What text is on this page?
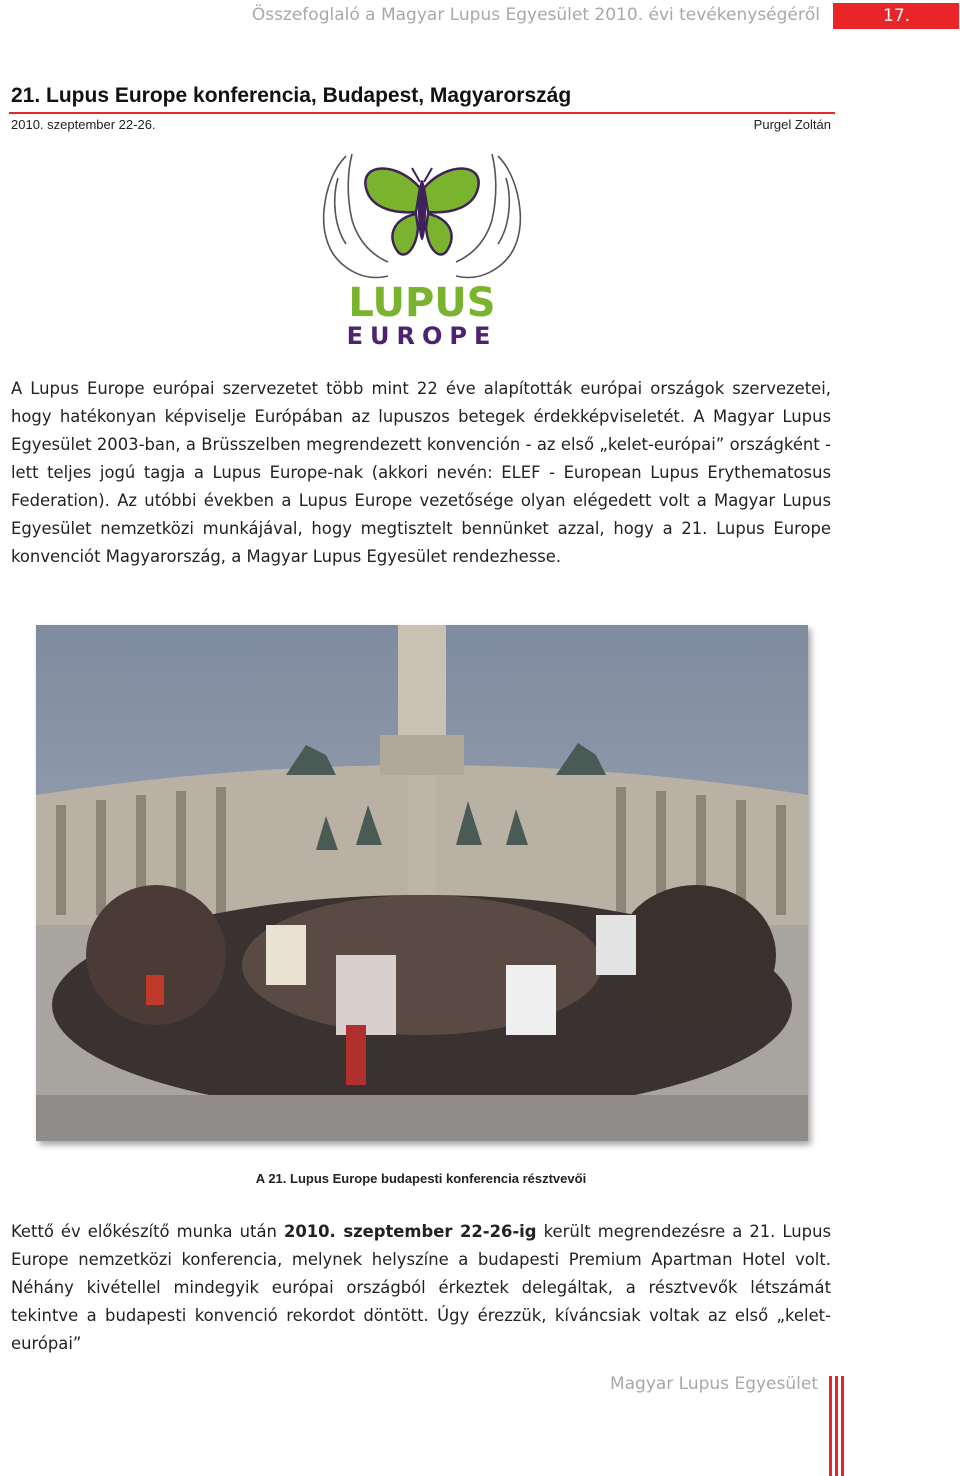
Összefoglaló a Magyar Lupus Egyesület 2010. évi tevékenységéről	17.
21. Lupus Europe konferencia, Budapest, Magyarország
2010. szeptember 22-26.	Purgel Zoltán
LUPUS
EUROPE

A Lupus Europe európai szervezetet több mint 22 éve alapították európai országok szervezetei, hogy hatékonyan képviselje Európában az lupuszos betegek érdekképviseletét. A Magyar Lupus Egyesület 2003-ban, a Brüsszelben megrendezett konvención - az első „kelet-európai” országként - lett teljes jogú tagja a Lupus Europe-nak (akkori nevén: ELEF - European Lupus Erythematosus Federation). Az utóbbi években a Lupus Europe vezetősége olyan elégedett volt a Magyar Lupus Egyesület nemzetközi munkájával, hogy megtisztelt bennünket azzal, hogy a 21. Lupus Europe konvenciót Magyarország, a Magyar Lupus Egyesület rendezhesse.

A 21. Lupus Europe budapesti konferencia résztvevői

Kettő év előkészítő munka után 2010. szeptember 22-26-ig került megrendezésre a 21. Lupus Europe nemzetközi konferencia, melynek helyszíne a budapesti Premium Apartman Hotel volt. Néhány kivétellel mindegyik európai országból érkeztek delegáltak, a résztvevők létszámát tekintve a budapesti konvenció rekordot döntött. Úgy érezzük, kíváncsiak voltak az első „kelet-európai”

Magyar Lupus Egyesület
